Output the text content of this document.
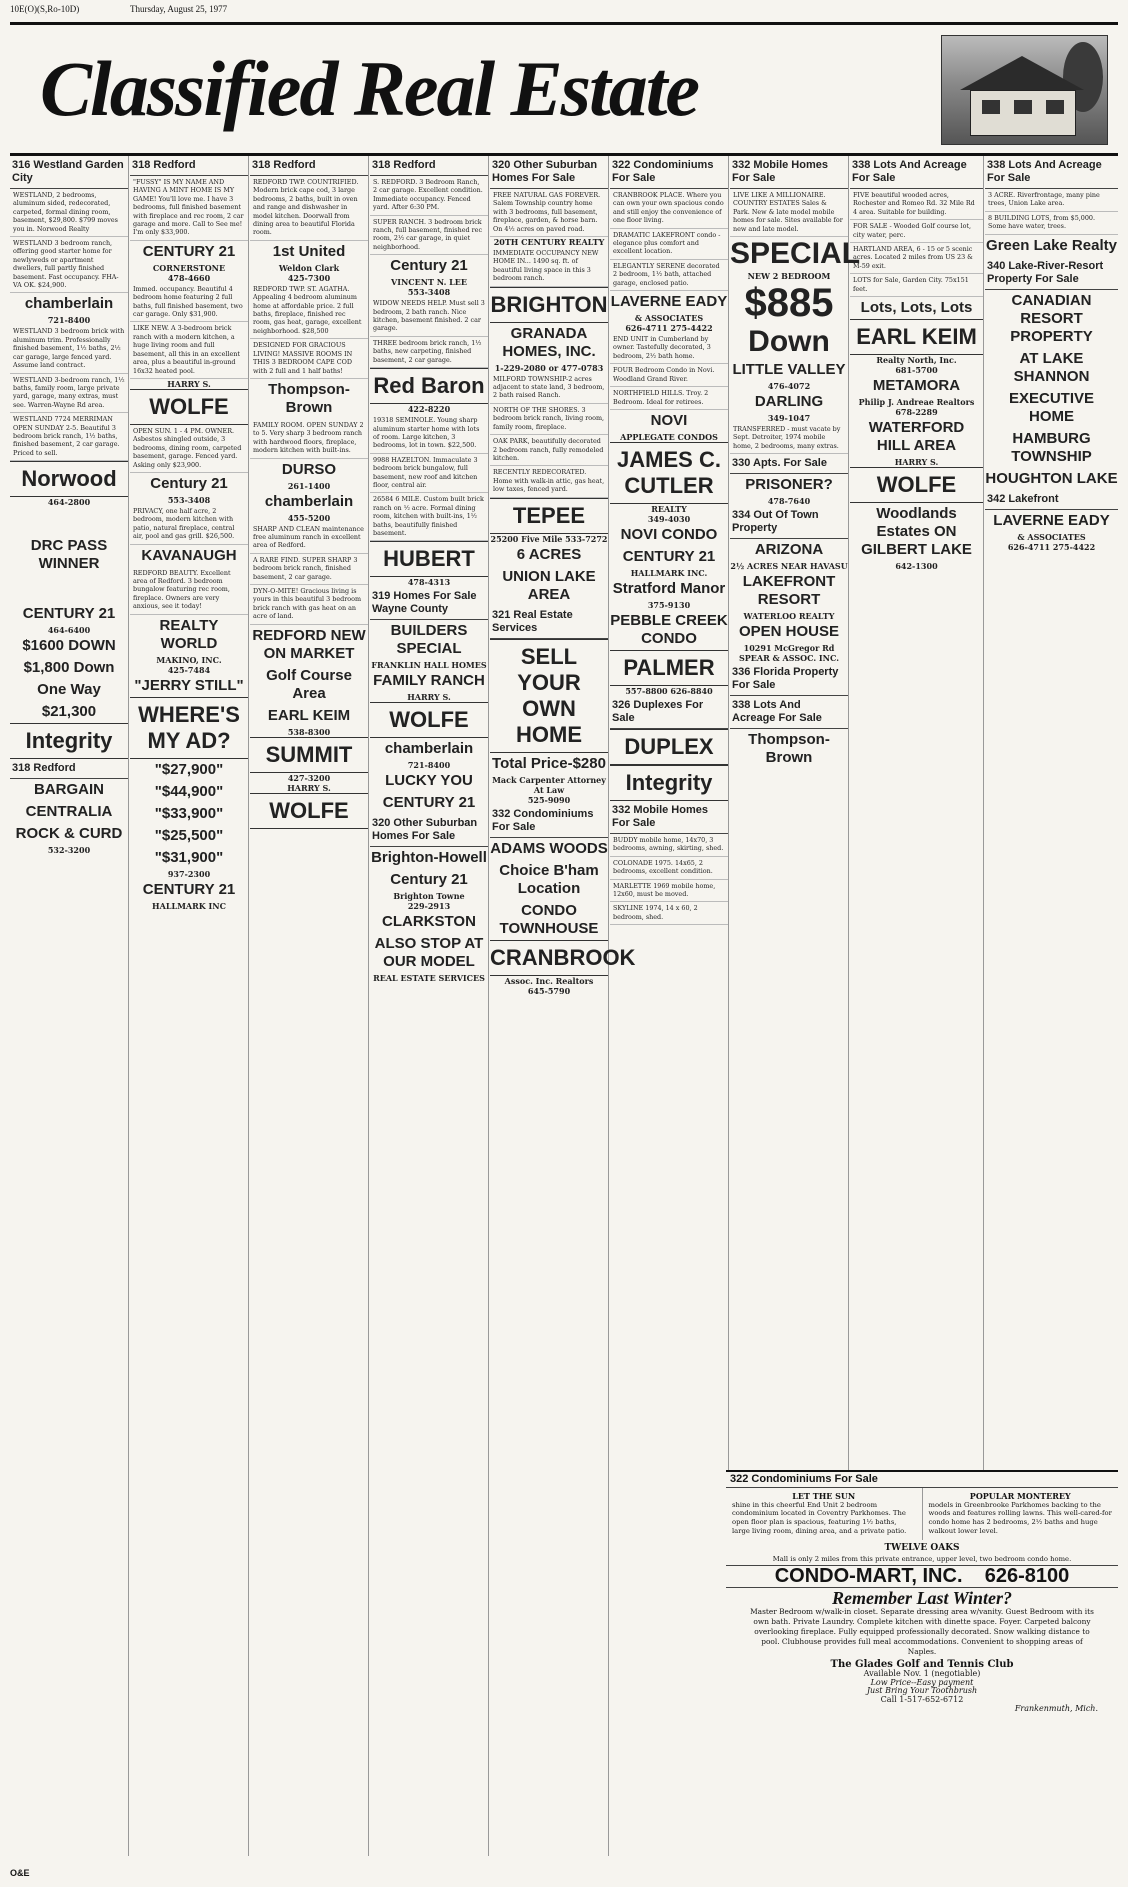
10E(O)(S,Ro-10D)	Thursday, August 25, 1977
Classified Real Estate
316 Westland Garden City
WESTLAND, 2 bedrooms, aluminum sided, redecorated, carpeted, formal dining room, basement, $29,800. $799 moves you in. Norwood Realty
WESTLAND 3 bedroom ranch, offering good starter home for newlyweds or apartment dwellers, full partly finished basement. Fast occupancy. FHA-VA OK. $24,900.
chamberlain
721-8400
WESTLAND 3 bedroom brick with aluminum trim. Professionally finished basement, 1½ baths, 2½ car garage, large fenced yard. Assume land contract.
WESTLAND 3-bedroom ranch, 1½ baths, family room, large private yard, garage, many extras, must see. Warren-Wayne Rd area.
WESTLAND 7724 MERRIMAN OPEN SUNDAY 2-5. Beautiful 3 bedroom brick ranch, 1½ baths, finished basement, 2 car garage. Priced to sell.
Norwood
464-2800
DRC PASS WINNER
CENTURY 21
464-6400
$1600 DOWN
$1,800 Down
One Way
$21,300
Integrity
318 Redford
BARGAIN
CENTRALIA
ROCK & CURD
532-3200
318 Redford
"FUSSY" IS MY NAME AND HAVING A MINT HOME IS MY GAME! You'll love me. I have 3 bedrooms, full finished basement with fireplace and rec room, 2 car garage and more. Call to See me! I'm only $33,900.
CENTURY 21
CORNERSTONE
478-4660
Immed. occupancy. Beautiful 4 bedroom home featuring 2 full baths, full finished basement, two car garage. Only $31,900.
LIKE NEW. A 3-bedroom brick ranch with a modern kitchen, a huge living room and full basement, all this in an excellent area, plus a beautiful in-ground 16x32 heated pool.
HARRY S.
WOLFE
OPEN SUN. 1 - 4 PM. OWNER. Asbestos shingled outside, 3 bedrooms, dining room, carpeted basement, garage. Fenced yard. Asking only $23,900.
Century 21
553-3408
PRIVACY, one half acre, 2 bedroom, modern kitchen with patio, natural fireplace, central air, pool and gas grill. $26,500.
KAVANAUGH
REDFORD BEAUTY. Excellent area of Redford. 3 bedroom bungalow featuring rec room, fireplace. Owners are very anxious, see it today!
REALTY WORLD
MAKINO, INC.
425-7484
"JERRY STILL"
WHERE'S MY AD?
"$27,900"
"$44,900"
"$33,900"
"$25,500"
"$31,900"
937-2300
CENTURY 21
HALLMARK INC
318 Redford
REDFORD TWP. COUNTRIFIED. Modern brick cape cod, 3 large bedrooms, 2 baths, built in oven and range and dishwasher in model kitchen. Doorwall from dining area to beautiful Florida room.
1st United
Weldon Clark
425-7300
REDFORD TWP. ST. AGATHA. Appealing 4 bedroom aluminum home at affordable price. 2 full baths, fireplace, finished rec room, gas heat, garage, excellent neighborhood. $28,500
DESIGNED FOR GRACIOUS LIVING! MASSIVE ROOMS IN THIS 3 BEDROOM CAPE COD with 2 full and 1 half baths!
Thompson-Brown
FAMILY ROOM. OPEN SUNDAY 2 to 5. Very sharp 3 bedroom ranch with hardwood floors, fireplace, modern kitchen with built-ins.
DURSO
261-1400
chamberlain
455-5200
SHARP AND CLEAN maintenance free aluminum ranch in excellent area of Redford.
A RARE FIND. SUPER SHARP 3 bedroom brick ranch, finished basement, 2 car garage.
DYN-O-MITE! Gracious living is yours in this beautiful 3 bedroom brick ranch with gas heat on an acre of land.
REDFORD NEW ON MARKET
Golf Course Area
EARL KEIM
538-8300
SUMMIT
427-3200
HARRY S.
WOLFE
318 Redford
S. REDFORD. 3 Bedroom Ranch, 2 car garage. Excellent condition. Immediate occupancy. Fenced yard. After 6:30 PM.
SUPER RANCH. 3 bedroom brick ranch, full basement, finished rec room, 2½ car garage, in quiet neighborhood.
Century 21
VINCENT N. LEE
553-3408
WIDOW NEEDS HELP. Must sell 3 bedroom, 2 bath ranch. Nice kitchen, basement finished. 2 car garage.
THREE bedroom brick ranch, 1½ baths, new carpeting, finished basement, 2 car garage.
Red Baron
422-8220
19318 SEMINOLE. Young sharp aluminum starter home with lots of room. Large kitchen, 3 bedrooms, lot in town. $22,500.
9988 HAZELTON. Immaculate 3 bedroom brick bungalow, full basement, new roof and kitchen floor, central air.
26584 6 MILE. Custom built brick ranch on ½ acre. Formal dining room, kitchen with built-ins, 1½ baths, beautifully finished basement.
HUBERT
478-4313
319 Homes For Sale Wayne County
BUILDERS SPECIAL
FRANKLIN HALL HOMES
FAMILY RANCH
HARRY S.
WOLFE
chamberlain
721-8400
LUCKY YOU
CENTURY 21
320 Other Suburban Homes For Sale
Brighton-Howell
Century 21
Brighton Towne
229-2913
CLARKSTON
ALSO STOP AT OUR MODEL
REAL ESTATE SERVICES
320 Other Suburban Homes For Sale
FREE NATURAL GAS FOREVER. Salem Township country home with 3 bedrooms, full basement, fireplace, garden, & horse barn. On 4½ acres on paved road.
20TH CENTURY REALTY
IMMEDIATE OCCUPANCY NEW HOME IN... 1490 sq. ft. of beautiful living space in this 3 bedroom ranch.
BRIGHTON
GRANADA HOMES, INC.
1-229-2080 or 477-0783
MILFORD TOWNSHIP-2 acres adjacent to state land, 3 bedroom, 2 bath raised Ranch.
NORTH OF THE SHORES. 3 bedroom brick ranch, living room, family room, fireplace.
OAK PARK, beautifully decorated 2 bedroom ranch, fully remodeled kitchen.
RECENTLY REDECORATED. Home with walk-in attic, gas heat, low taxes, fenced yard.
TEPEE
25200 Five Mile 533-7272
6 ACRES
UNION LAKE AREA
321 Real Estate Services
SELL YOUR OWN HOME
Total Price-$280
Mack Carpenter Attorney At Law
525-9090
332 Condominiums For Sale
ADAMS WOODS
Choice B'ham Location
CONDO TOWNHOUSE
CRANBROOK
Assoc. Inc. Realtors
645-5790
322 Condominiums For Sale
CRANBROOK PLACE. Where you can own your own spacious condo and still enjoy the convenience of one floor living.
DRAMATIC LAKEFRONT condo - elegance plus comfort and excellent location.
ELEGANTLY SERENE decorated 2 bedroom, 1½ bath, attached garage, enclosed patio.
LAVERNE EADY
& ASSOCIATES
626-4711 275-4422
END UNIT in Cumberland by owner. Tastefully decorated, 3 bedroom, 2½ bath home.
FOUR Bedroom Condo in Novi. Woodland Grand River.
NORTHFIELD HILLS. Troy. 2 Bedroom. Ideal for retirees.
NOVI
APPLEGATE CONDOS
JAMES C. CUTLER
REALTY
349-4030
NOVI CONDO
CENTURY 21
HALLMARK INC.
Stratford Manor
375-9130
PEBBLE CREEK CONDO
PALMER
557-8800 626-8840
326 Duplexes For Sale
DUPLEX
Integrity
332 Mobile Homes For Sale
BUDDY mobile home, 14x70, 3 bedrooms, awning, skirting, shed.
COLONADE 1975. 14x65, 2 bedrooms, excellent condition.
MARLETTE 1969 mobile home, 12x60, must be moved.
SKYLINE 1974, 14 x 60, 2 bedroom, shed.
332 Mobile Homes For Sale
LIVE LIKE A MILLIONAIRE. COUNTRY ESTATES Sales & Park. New & late model mobile homes for sale. Sites available for new and late model.
SPECIAL
NEW 2 BEDROOM
$885
Down
LITTLE VALLEY
476-4072
DARLING
349-1047
TRANSFERRED - must vacate by Sept. Detroiter, 1974 mobile home, 2 bedrooms, many extras.
330 Apts. For Sale
PRISONER?
478-7640
334 Out Of Town Property
ARIZONA
2½ ACRES NEAR HAVASU
LAKEFRONT RESORT
WATERLOO REALTY
OPEN HOUSE
10291 McGregor Rd
SPEAR & ASSOC. INC.
336 Florida Property For Sale
338 Lots And Acreage For Sale
Thompson-Brown
338 Lots And Acreage For Sale
FIVE beautiful wooded acres, Rochester and Romeo Rd. 32 Mile Rd 4 area. Suitable for building.
FOR SALE - Wooded Golf course lot, city water, perc.
HARTLAND AREA, 6 - 15 or 5 scenic acres. Located 2 miles from US 23 & M-59 exit.
LOTS for Sale, Garden City. 75x151 feet.
Lots, Lots, Lots
EARL KEIM
Realty North, Inc.
681-5700
METAMORA
Philip J. Andreae Realtors
678-2289
WATERFORD HILL AREA
HARRY S.
WOLFE
Woodlands Estates ON GILBERT LAKE
642-1300
338 Lots And Acreage For Sale
3 ACRE. Riverfrontage, many pine trees, Union Lake area.
8 BUILDING LOTS, from $5,000. Some have water, trees.
Green Lake Realty
340 Lake-River-Resort Property For Sale
CANADIAN RESORT PROPERTY
AT LAKE SHANNON
EXECUTIVE HOME
HAMBURG TOWNSHIP
HOUGHTON LAKE
342 Lakefront
LAVERNE EADY
& ASSOCIATES
626-4711 275-4422
322 Condominiums For Sale
LET THE SUN
shine in this cheerful End Unit 2 bedroom condominium located in Coventry Parkhomes. The open floor plan is spacious, featuring 1½ baths, large living room, dining area, and a private patio.
POPULAR MONTEREY
models in Greenbrooke Parkhomes backing to the woods and features rolling lawns. This well-cared-for condo home has 2 bedrooms, 2½ baths and huge walkout lower level.
TWELVE OAKS
Mall is only 2 miles from this private entrance, upper level, two bedroom condo home.
CONDO-MART, INC. 626-8100
Remember Last Winter?
Master Bedroom w/walk-in closet. Separate dressing area w/vanity. Guest Bedroom with its own bath. Private Laundry. Complete kitchen with dinette space. Foyer. Carpeted balcony overlooking fireplace. Fully equipped professionally decorated. Snow walking distance to pool. Clubhouse provides full meal accommodations. Convenient to shopping areas of Naples.
The Glades Golf and Tennis Club
Available Nov. 1 (negotiable)
Low Price--Easy payment
Just Bring Your Toothbrush
Call 1-517-652-6712
Frankenmuth, Mich.
O&E
